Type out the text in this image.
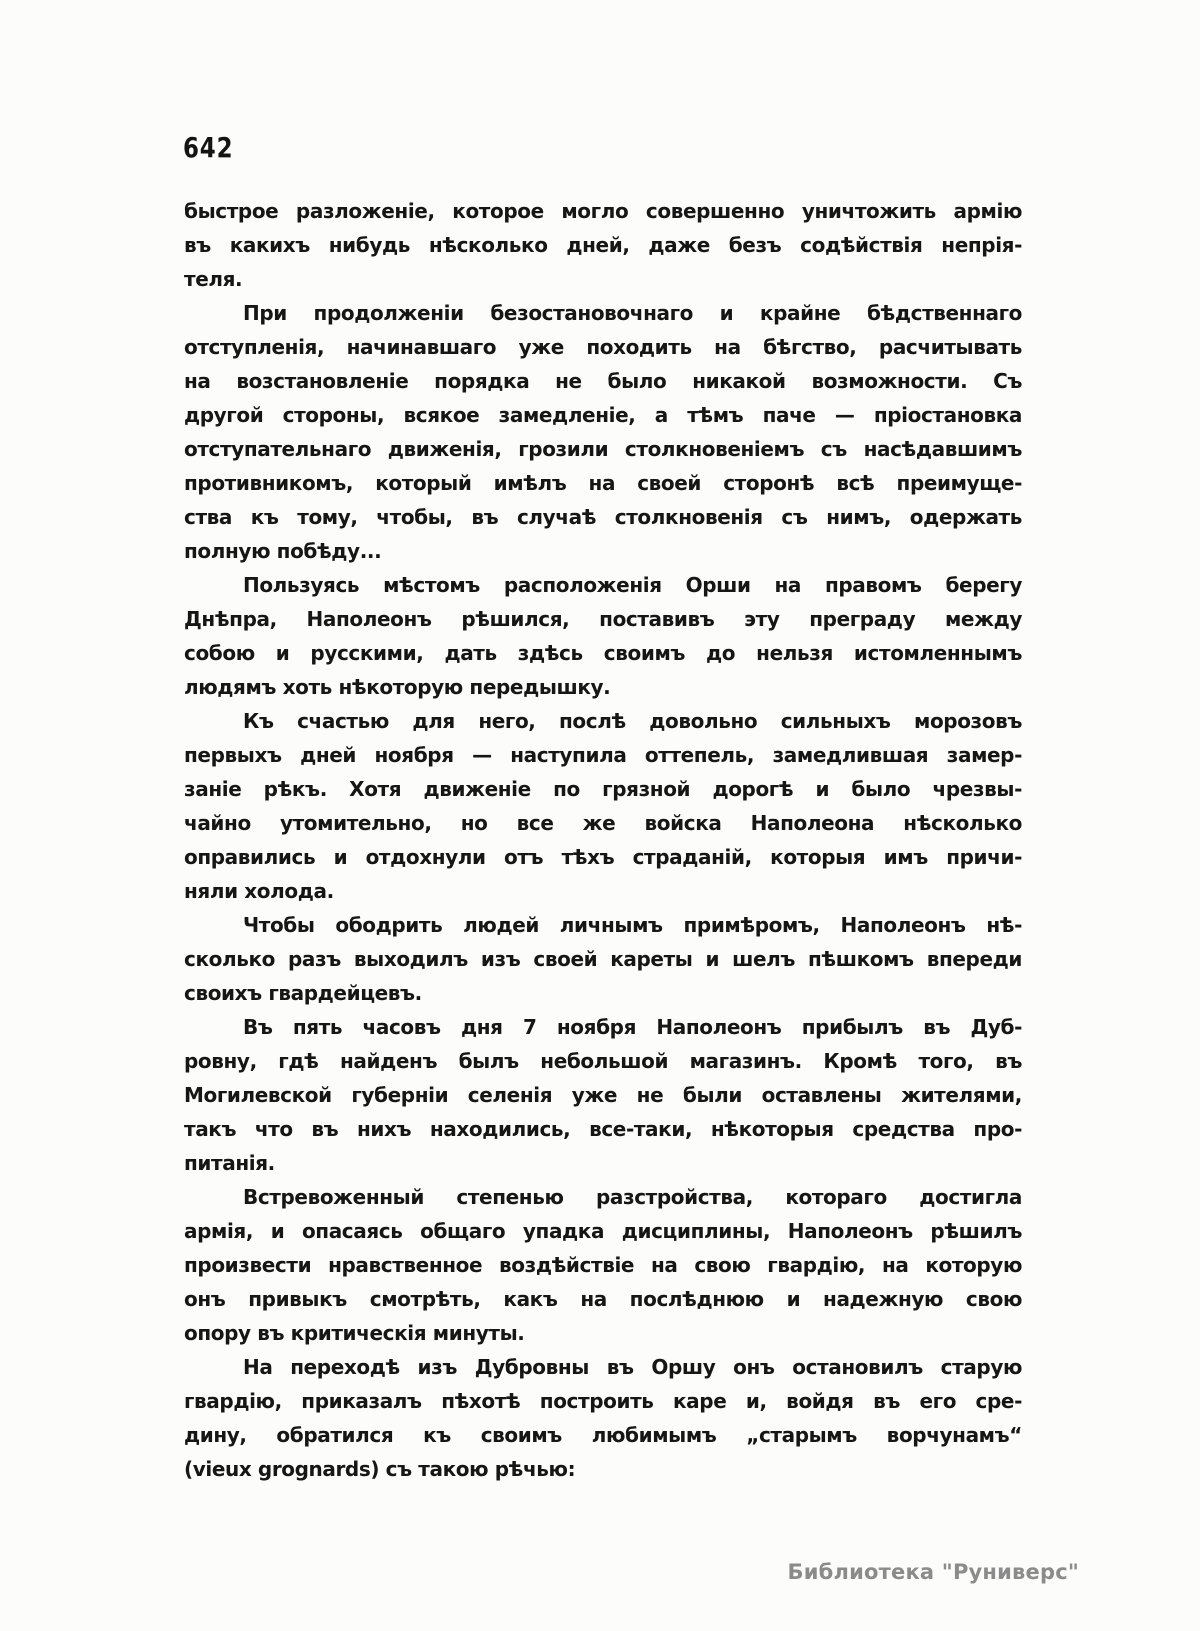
642
быстрое разложеніе, которое могло совершенно уничтожить армію
въ какихъ нибудь нѣсколько дней, даже безъ содѣйствія непрія-
теля.
При продолженіи безостановочнаго и крайне бѣдственнаго
отступленія, начинавшаго уже походить на бѣгство, расчитывать
на возстановленіе порядка не было никакой возможности. Съ
другой стороны, всякое замедленіе, а тѣмъ паче — пріостановка
отступательнаго движенія, грозили столкновеніемъ съ насѣдавшимъ
противникомъ, который имѣлъ на своей сторонѣ всѣ преимуще-
ства къ тому, чтобы, въ случаѣ столкновенія съ нимъ, одержать
полную побѣду...
Пользуясь мѣстомъ расположенія Орши на правомъ берегу
Днѣпра, Наполеонъ рѣшился, поставивъ эту преграду между
собою и русскими, дать здѣсь своимъ до нельзя истомленнымъ
людямъ хоть нѣкоторую передышку.
Къ счастью для него, послѣ довольно сильныхъ морозовъ
первыхъ дней ноября — наступила оттепель, замедлившая замер-
заніе рѣкъ. Хотя движеніе по грязной дорогѣ и было чрезвы-
чайно утомительно, но все же войска Наполеона нѣсколько
оправились и отдохнули отъ тѣхъ страданій, которыя имъ причи-
няли холода.
Чтобы ободрить людей личнымъ примѣромъ, Наполеонъ нѣ-
сколько разъ выходилъ изъ своей кареты и шелъ пѣшкомъ впереди
своихъ гвардейцевъ.
Въ пять часовъ дня 7 ноября Наполеонъ прибылъ въ Дуб-
ровну, гдѣ найденъ былъ небольшой магазинъ. Кромѣ того, въ
Могилевской губерніи селенія уже не были оставлены жителями,
такъ что въ нихъ находились, все-таки, нѣкоторыя средства про-
питанія.
Встревоженный степенью разстройства, котораго достигла
армія, и опасаясь общаго упадка дисциплины, Наполеонъ рѣшилъ
произвести нравственное воздѣйствіе на свою гвардію, на которую
онъ привыкъ смотрѣть, какъ на послѣднюю и надежную свою
опору въ критическія минуты.
На переходѣ изъ Дубровны въ Оршу онъ остановилъ старую
гвардію, приказалъ пѣхотѣ построить каре и, войдя въ его сре-
дину, обратился къ своимъ любимымъ „старымъ ворчунамъ“
(vieux grognards) съ такою рѣчью:
Библиотека "Руниверс"
